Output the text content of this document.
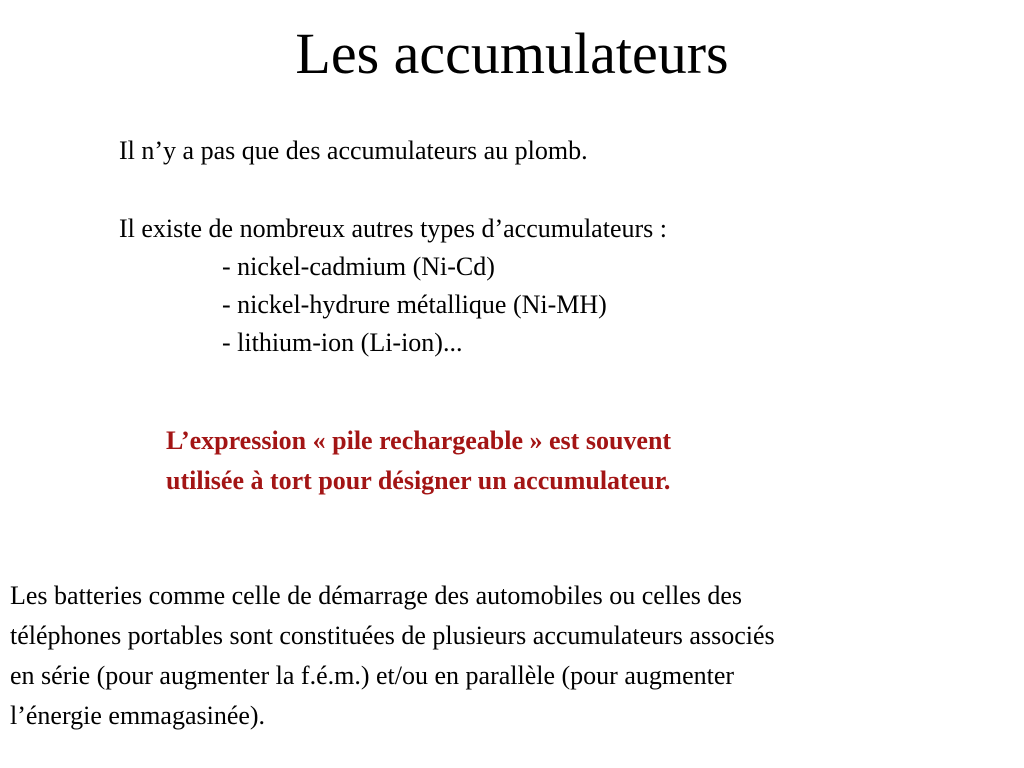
Les accumulateurs

Il n’y a pas que des accumulateurs au plomb.

Il existe de nombreux autres types d’accumulateurs :
- nickel-cadmium (Ni-Cd)
- nickel-hydrure métallique (Ni-MH)
- lithium-ion (Li-ion)...
L’expression « pile rechargeable » est souvent
utilisée à tort pour désigner un accumulateur.
Les batteries comme celle de démarrage des automobiles ou celles des
téléphones portables sont constituées de plusieurs accumulateurs associés
en série (pour augmenter la f.é.m.) et/ou en parallèle (pour augmenter
l’énergie emmagasinée).
